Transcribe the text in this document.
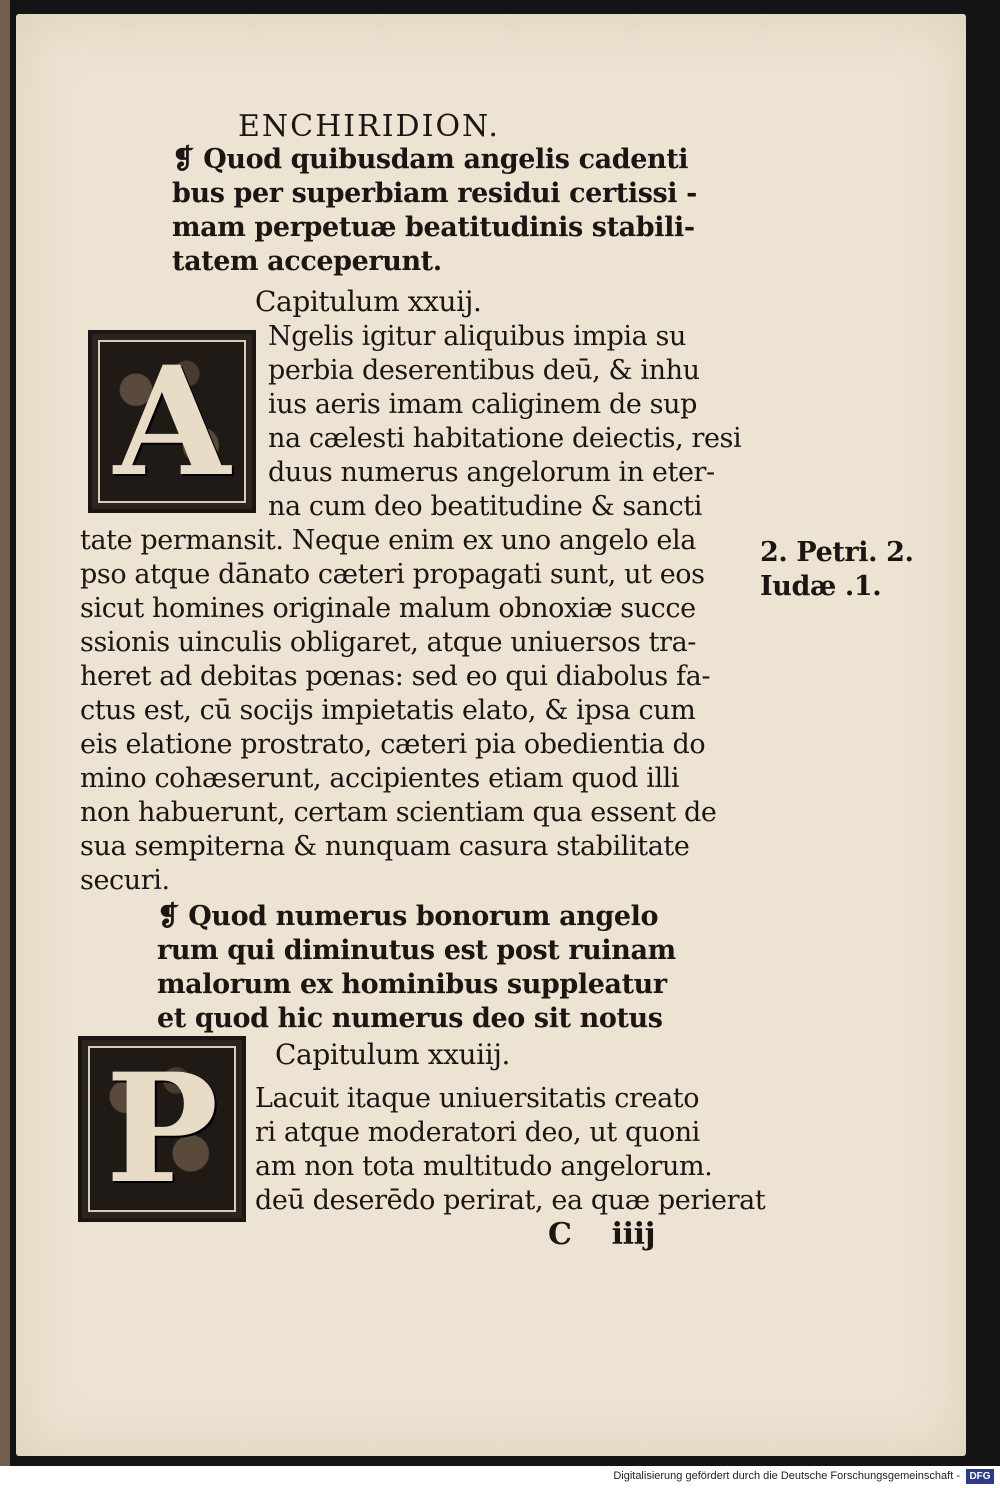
ENCHIRIDION.
❡ Quod quibusdam angelis cadenti
bus per superbiam residui certissi -
mam perpetuæ beatitudinis stabili-
tatem acceperunt.
Capitulum xxuij.
A Ngelis igitur aliquibus impia su
perbia deserentibus deū, & inhu
ius aeris imam caliginem de sup
na cælesti habitatione deiectis, resi
duus numerus angelorum in eter-
na cum deo beatitudine & sancti
tate permansit. Neque enim ex uno angelo ela
pso atque dānato cæteri propagati sunt, ut eos
sicut homines originale malum obnoxiæ succe
ssionis uinculis obligaret, atque uniuersos tra-
heret ad debitas pœnas: sed eo qui diabolus fa-
ctus est, cū socijs impietatis elato, & ipsa cum
eis elatione prostrato, cæteri pia obedientia do
mino cohæserunt, accipientes etiam quod illi
non habuerunt, certam scientiam qua essent de
sua sempiterna & nunquam casura stabilitate
securi.
2. Petri. 2.
Iudæ .1.
❡ Quod numerus bonorum angelo
rum qui diminutus est post ruinam
malorum ex hominibus suppleatur
et quod hic numerus deo sit notus
Capitulum xxuiij.
P Lacuit itaque uniuersitatis creato
ri atque moderatori deo, ut quoni
am non tota multitudo angelorum.
deū deserēdo perirat, ea quæ perierat
C    iiij
Digitalisierung gefördert durch die Deutsche Forschungsgemeinschaft - DFG
